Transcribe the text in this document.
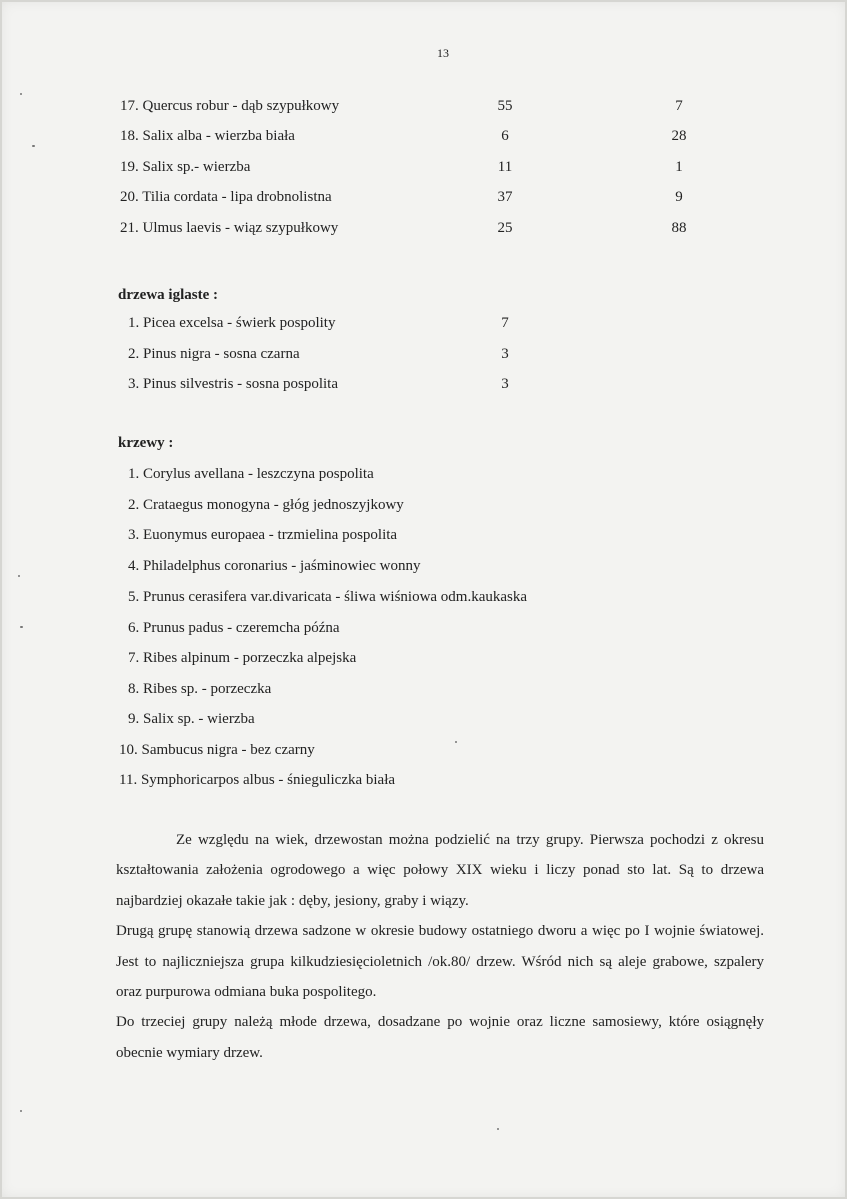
13
17. Quercus robur - dąb szypułkowy	55	7
18. Salix alba - wierzba biała	6	28
19. Salix sp.- wierzba	11	1
20. Tilia cordata - lipa drobnolistna	37	9
21. Ulmus laevis - wiąz szypułkowy	25	88
drzewa iglaste :
1. Picea excelsa - świerk pospolity	7
2. Pinus nigra - sosna czarna	3
3. Pinus silvestris - sosna pospolita	3
krzewy :
1. Corylus avellana - leszczyna pospolita
2. Crataegus monogyna - głóg jednoszyjkowy
3. Euonymus europaea - trzmielina pospolita
4. Philadelphus coronarius - jaśminowiec wonny
5. Prunus cerasifera var.divaricata - śliwa wiśniowa odm.kaukaska
6. Prunus padus - czeremcha późna
7. Ribes alpinum - porzeczka alpejska
8. Ribes sp. - porzeczka
9. Salix sp. - wierzba
10. Sambucus nigra - bez czarny
11. Symphoricarpos albus - śnieguliczka biała

Ze względu na wiek, drzewostan można podzielić na trzy grupy. Pierwsza pochodzi z okresu kształtowania założenia ogrodowego a więc połowy XIX wieku i liczy ponad sto lat. Są to drzewa najbardziej okazałe takie jak : dęby, jesiony, graby i wiązy.

Drugą grupę stanowią drzewa sadzone w okresie budowy ostatniego dworu a więc po I wojnie światowej. Jest to najliczniejsza grupa kilkudziesięcioletnich /ok.80/ drzew. Wśród nich są aleje grabowe, szpalery oraz purpurowa odmiana buka pospolitego.

Do trzeciej grupy należą młode drzewa, dosadzane po wojnie oraz liczne samosiewy, które osiągnęły obecnie wymiary drzew.
